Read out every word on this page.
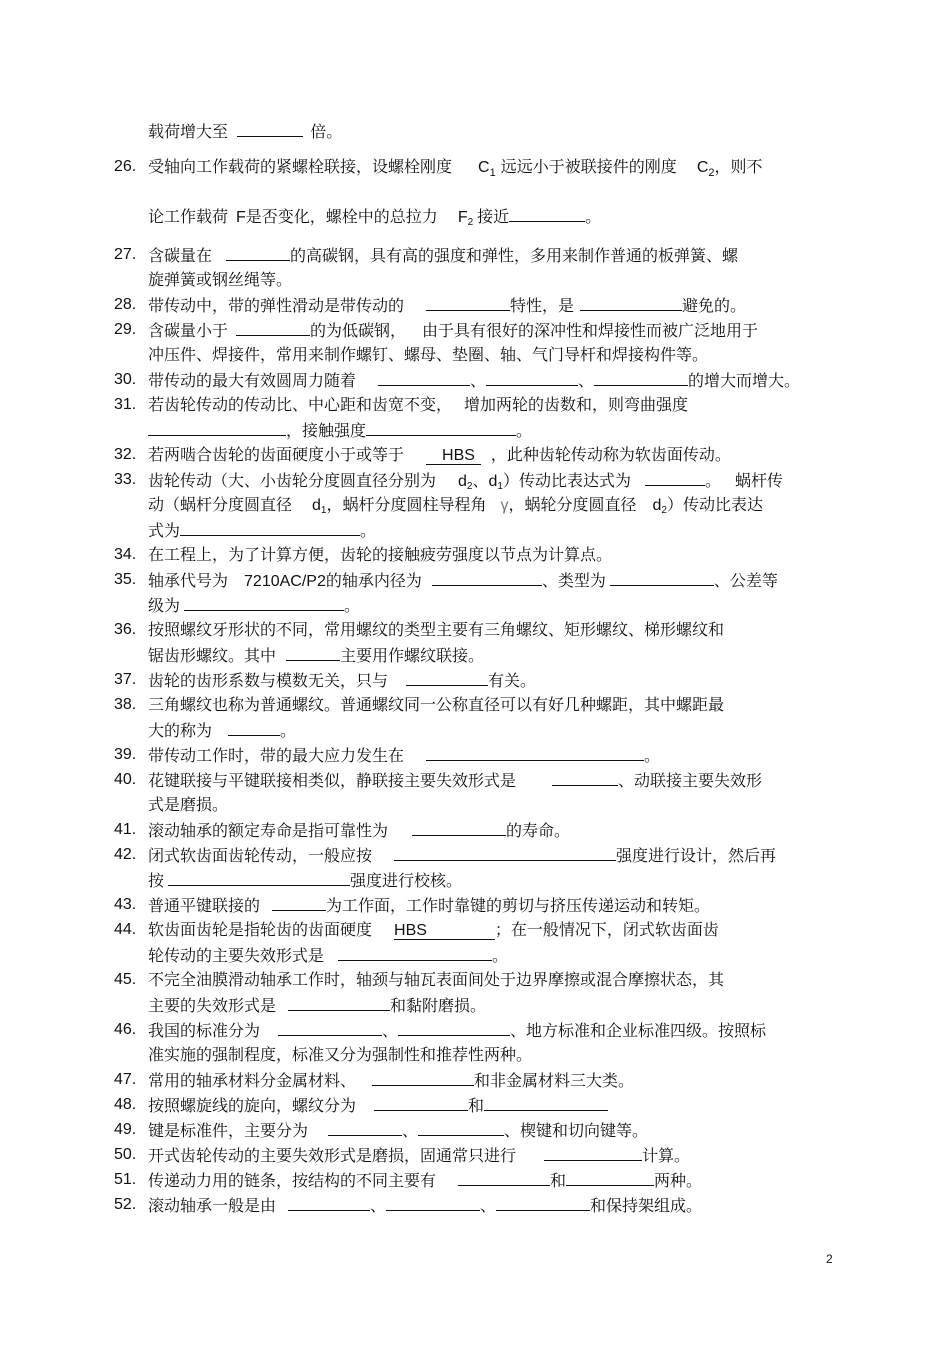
载荷增大至	倍。
26. 受轴向工作载荷的紧螺栓联接，设螺栓刚度 $C_1$ 远远小于被联接件的刚度 $C_2$，则不
论工作载荷 F是否变化，螺栓中的总拉力 $F_2$ 接近	。
27. 含碳量在	的高碳钢，具有高的强度和弹性，多用来制作普通的板弹簧、螺
旋弹簧或钢丝绳等。
28. 带传动中，带的弹性滑动是带传动的	特性，是	避免的。
29. 含碳量小于	的为低碳钢， 由于具有很好的深冲性和焊接性而被广泛地用于
冲压件、焊接件，常用来制作螺钉、螺母、垫圈、轴、气门导杆和焊接构件等。
30. 带传动的最大有效圆周力随着	、	、	的增大而增大。
31. 若齿轮传动的传动比、中心距和齿宽不变， 增加两轮的齿数和，则弯曲强度
，接触强度	。
32. 若两啮合齿轮的齿面硬度小于或等于 HBS ，此种齿轮传动称为软齿面传动。
33. 齿轮传动（大、小齿轮分度圆直径分别为 $d_2$、$d_1$）传动比表达式为	。 蜗杆传
动（蜗杆分度圆直径 $d_1$，蜗杆分度圆柱导程角 γ，蜗轮分度圆直径 $d_2$）传动比表达
式为	。
34. 在工程上，为了计算方便，齿轮的接触疲劳强度以节点为计算点。
35. 轴承代号为 7210AC/P2的轴承内径为	、类型为	、公差等
级为	。
36. 按照螺纹牙形状的不同，常用螺纹的类型主要有三角螺纹、矩形螺纹、梯形螺纹和
锯齿形螺纹。其中	主要用作螺纹联接。
37. 齿轮的齿形系数与模数无关，只与	有关。
38. 三角螺纹也称为普通螺纹。普通螺纹同一公称直径可以有好几种螺距，其中螺距最
大的称为	。
39. 带传动工作时，带的最大应力发生在	。
40. 花键联接与平键联接相类似，静联接主要失效形式是	、动联接主要失效形
式是磨损。
41. 滚动轴承的额定寿命是指可靠性为	的寿命。
42. 闭式软齿面齿轮传动，一般应按	强度进行设计，然后再
按	强度进行校核。
43. 普通平键联接的	为工作面，工作时靠键的剪切与挤压传递运动和转矩。
44. 软齿面齿轮是指轮齿的齿面硬度 HBS	；在一般情况下，闭式软齿面齿
轮传动的主要失效形式是	。
45. 不完全油膜滑动轴承工作时，轴颈与轴瓦表面间处于边界摩擦或混合摩擦状态，其
主要的失效形式是	和黏附磨损。
46. 我国的标准分为	、	、地方标准和企业标准四级。按照标
准实施的强制程度，标准又分为强制性和推荐性两种。
47. 常用的轴承材料分金属材料、	和非金属材料三大类。
48. 按照螺旋线的旋向，螺纹分为	和
49. 键是标准件，主要分为	、	、楔键和切向键等。
50. 开式齿轮传动的主要失效形式是磨损，固通常只进行	计算。
51. 传递动力用的链条，按结构的不同主要有	和	两种。
52. 滚动轴承一般是由	、	、	和保持架组成。
2
